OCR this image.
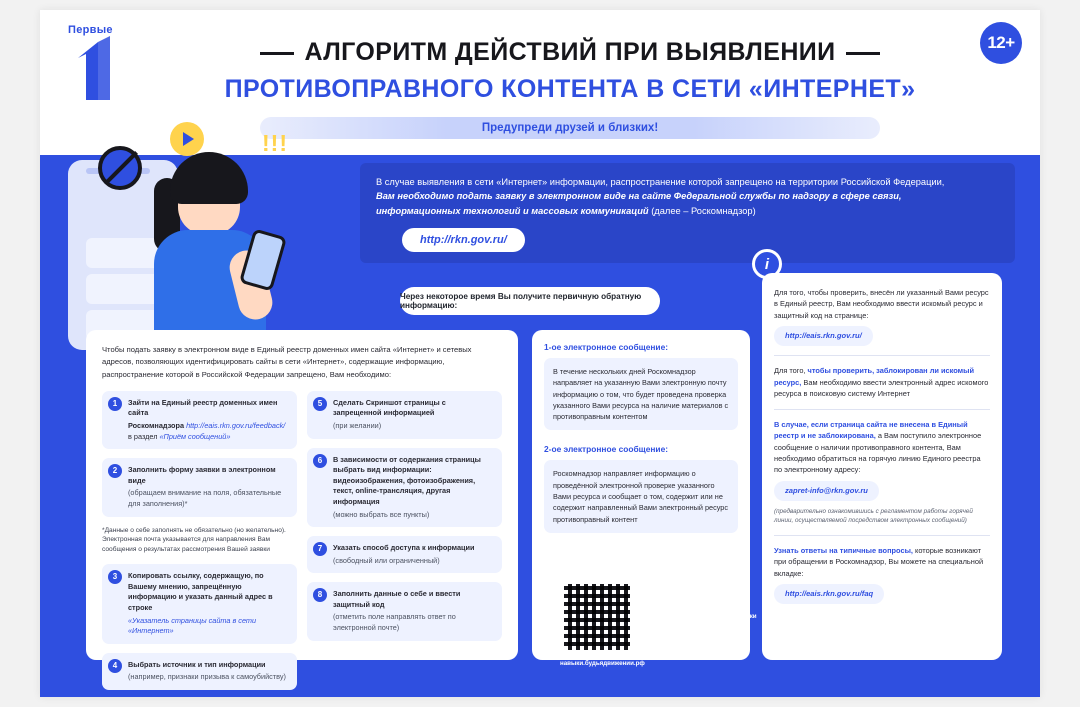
12+
Первые
АЛГОРИТМ ДЕЙСТВИЙ ПРИ ВЫЯВЛЕНИИ
ПРОТИВОПРАВНОГО КОНТЕНТА В СЕТИ «ИНТЕРНЕТ»
Предупреди друзей и близких!
!!!
В случае выявления в сети «Интернет» информации, распространение которой запрещено на территории Российской Федерации,
Вам необходимо подать заявку в электронном виде на сайте Федеральной службы по надзору в сфере связи,
информационных технологий и массовых коммуникаций (далее – Роскомнадзор)
http://rkn.gov.ru/
Чтобы подать заявку в электронном виде в Единый реестр доменных имен сайта «Интернет» и сетевых адресов, позволяющих идентифицировать сайты в сети «Интернет», содержащие информацию, распространение которой в Российской Федерации запрещено, Вам необходимо:
1	Зайти на Единый реестр доменных имен сайта
Роскомнадзора http://eais.rkn.gov.ru/feedback/ в раздел «Приём сообщений»
2	Заполнить форму заявки в электронном виде
(обращаем внимание на поля, обязательные для заполнения)*
*Данные о себе заполнять не обязательно (но желательно). Электронная почта указывается для направления Вам сообщения о результатах рассмотрения Вашей заявки
3	Копировать ссылку, содержащую, по Вашему мнению, запрещённую информацию и указать данный адрес в строке
«Указатель страницы сайта в сети «Интернет»
4	Выбрать источник и тип информации
(например, признаки призыва к самоубийству)
5	Сделать Скриншот страницы с запрещенной информацией
(при желании)
6	В зависимости от содержания страницы выбрать вид информации: видеоизображения, фотоизображения, текст, online-трансляция, другая информация
(можно выбрать все пункты)
7	Указать способ доступа к информации
(свободный или ограниченный)
8	Заполнить данные о себе и ввести защитный код
(отметить поле направлять ответ по электронной почте)
Через некоторое время Вы получите первичную обратную информацию:
1-ое электронное сообщение:
В течение нескольких дней Роскомнадзор направляет на указанную Вами электронную почту информацию о том, что будет проведена проверка указанного Вами ресурса на наличие материалов с противоправным контентом
2-ое электронное сообщение:
Роскомнадзор направляет информацию о проведённой электронной проверке указанного Вами ресурса и сообщает о том, содержит или не содержит направленный Вами электронный ресурс противоправный контент
i
Для того, чтобы проверить, внесён ли указанный Вами ресурс в Единый реестр, Вам необходимо ввести искомый ресурс и защитный код на странице:
http://eais.rkn.gov.ru/
Для того, чтобы проверить, заблокирован ли искомый ресурс, Вам необходимо ввести электронный адрес искомого ресурса в поисковую систему Интернет
В случае, если страница сайта не внесена в Единый реестр и не заблокирована, а Вам поступило электронное сообщение о наличии противоправного контента, Вам необходимо обратиться на горячую линию Единого реестра по электронному адресу:
zapret-info@rkn.gov.ru
(предварительно ознакомившись с регламентом работы горячей линии, осуществляемой посредством электронных сообщений)
Узнать ответы на типичные вопросы, которые возникают при обращении в Роскомнадзор, Вы можете на специальной вкладке:
http://eais.rkn.gov.ru/faq
Смотри выпуски по противодействию наркотикам, правовой безопасности в первой помощи марафона «Первые. Навыки для жизни» и экспертами на сайте
навыки.будьядвижении.рф
